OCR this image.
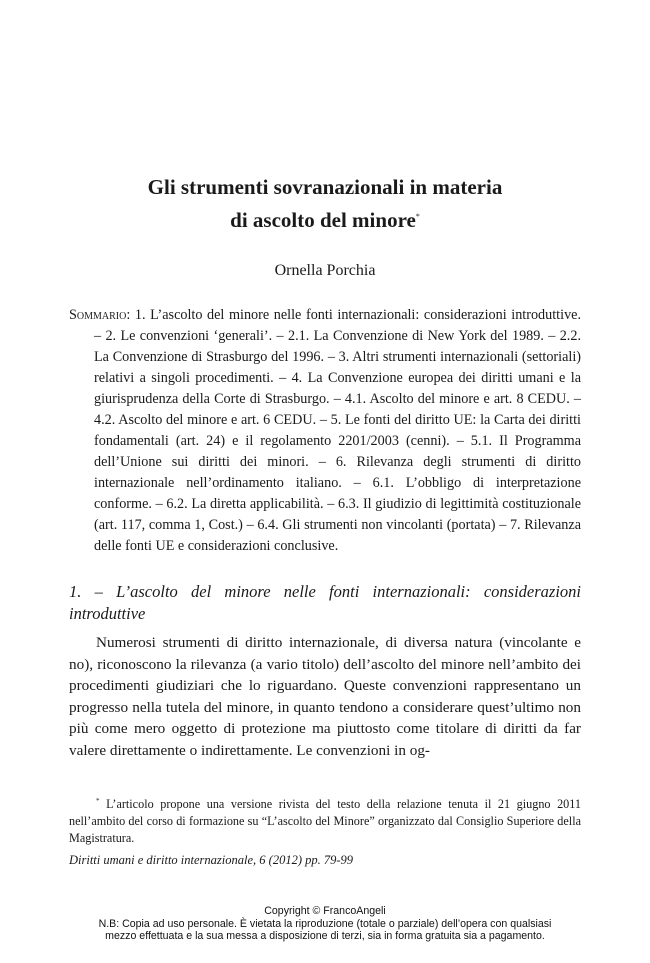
Gli strumenti sovranazionali in materia
di ascolto del minore*
Ornella Porchia
Sommario: 1. L’ascolto del minore nelle fonti internazionali: considerazioni introduttive. – 2. Le convenzioni ‘generali’. – 2.1. La Convenzione di New York del 1989. – 2.2. La Convenzione di Strasburgo del 1996. – 3. Altri strumenti internazionali (settoriali) relativi a singoli procedimenti. – 4. La Convenzione europea dei diritti umani e la giurisprudenza della Corte di Strasburgo. – 4.1. Ascolto del minore e art. 8 CEDU. – 4.2. Ascolto del minore e art. 6 CEDU. – 5. Le fonti del diritto UE: la Carta dei diritti fondamentali (art. 24) e il regolamento 2201/2003 (cenni). – 5.1. Il Programma dell’Unione sui diritti dei minori. – 6. Rilevanza degli strumenti di diritto internazionale nell’ordinamento italiano. – 6.1. L’obbligo di interpretazione conforme. – 6.2. La diretta applicabilità. – 6.3. Il giudizio di legittimità costituzionale (art. 117, comma 1, Cost.) – 6.4. Gli strumenti non vincolanti (portata) – 7. Rilevanza delle fonti UE e considerazioni conclusive.
1. – L’ascolto del minore nelle fonti internazionali: considerazioni introduttive
Numerosi strumenti di diritto internazionale, di diversa natura (vincolante e no), riconoscono la rilevanza (a vario titolo) dell’ascolto del minore nell’ambito dei procedimenti giudiziari che lo riguardano. Queste convenzioni rappresentano un progresso nella tutela del minore, in quanto tendono a considerare quest’ultimo non più come mero oggetto di protezione ma piuttosto come titolare di diritti da far valere direttamente o indirettamente. Le convenzioni in og-
* L’articolo propone una versione rivista del testo della relazione tenuta il 21 giugno 2011 nell’ambito del corso di formazione su “L’ascolto del Minore” organizzato dal Consiglio Superiore della Magistratura.
Diritti umani e diritto internazionale, 6 (2012) pp. 79-99
Copyright © FrancoAngeli
N.B: Copia ad uso personale. È vietata la riproduzione (totale o parziale) dell’opera con qualsiasi
mezzo effettuata e la sua messa a disposizione di terzi, sia in forma gratuita sia a pagamento.
